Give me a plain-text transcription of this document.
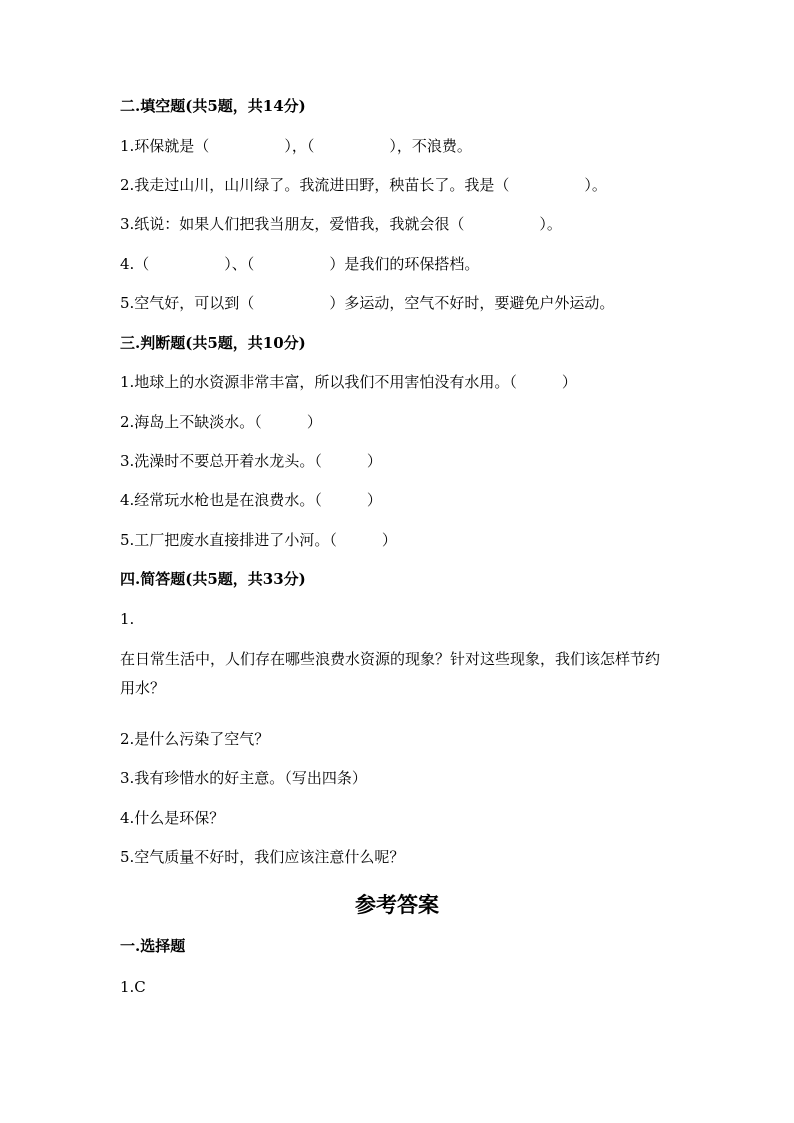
二.填空题(共5题，共14分)
1.环保就是（　　　　　），（　　　　　），不浪费。
2.我走过山川，山川绿了。我流进田野，秧苗长了。我是（　　　　　）。
3.纸说：如果人们把我当朋友，爱惜我，我就会很（　　　　　）。
4.（　　　　　）、（　　　　　）是我们的环保搭档。
5.空气好，可以到（　　　　　）多运动，空气不好时，要避免户外运动。
三.判断题(共5题，共10分)
1.地球上的水资源非常丰富，所以我们不用害怕没有水用。（　　　）
2.海岛上不缺淡水。（　　　）
3.洗澡时不要总开着水龙头。（　　　）
4.经常玩水枪也是在浪费水。（　　　）
5.工厂把废水直接排进了小河。（　　　）
四.简答题(共5题，共33分)
1.
在日常生活中，人们存在哪些浪费水资源的现象？针对这些现象，我们该怎样节约用水？
2.是什么污染了空气？
3.我有珍惜水的好主意。（写出四条）
4.什么是环保？
5.空气质量不好时，我们应该注意什么呢？
参考答案
一.选择题
1.C
